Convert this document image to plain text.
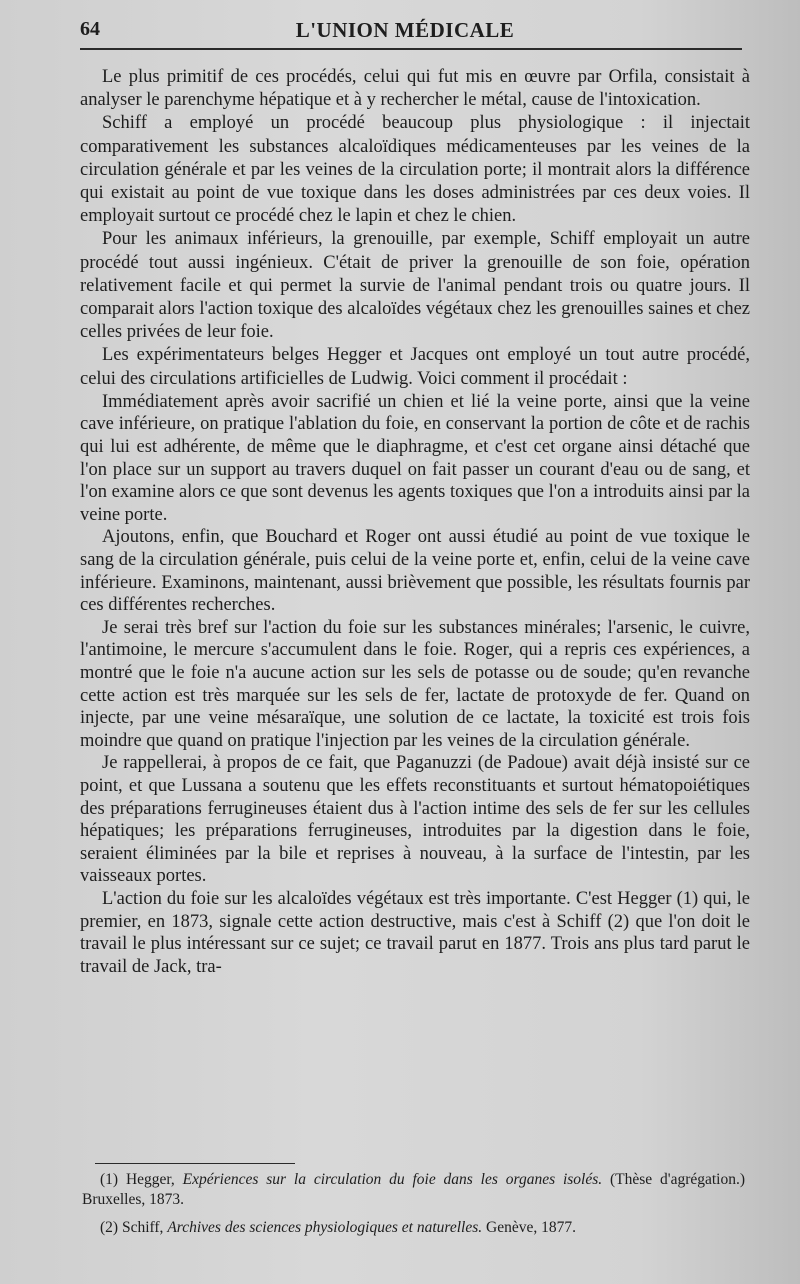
64	L'UNION MÉDICALE

Le plus primitif de ces procédés, celui qui fut mis en œuvre par Orfila, consistait à analyser le parenchyme hépatique et à y rechercher le métal, cause de l'intoxication.

Schiff a employé un procédé beaucoup plus physiologique : il injectait comparativement les substances alcaloïdiques médicamenteuses par les veines de la circulation générale et par les veines de la circulation porte; il montrait alors la différence qui existait au point de vue toxique dans les doses administrées par ces deux voies. Il employait surtout ce procédé chez le lapin et chez le chien.

Pour les animaux inférieurs, la grenouille, par exemple, Schiff employait un autre procédé tout aussi ingénieux. C'était de priver la grenouille de son foie, opération relativement facile et qui permet la survie de l'animal pendant trois ou quatre jours. Il comparait alors l'action toxique des alcaloïdes végétaux chez les grenouilles saines et chez celles privées de leur foie.

Les expérimentateurs belges Hegger et Jacques ont employé un tout autre procédé, celui des circulations artificielles de Ludwig. Voici comment il procédait :

Immédiatement après avoir sacrifié un chien et lié la veine porte, ainsi que la veine cave inférieure, on pratique l'ablation du foie, en conservant la portion de côte et de rachis qui lui est adhérente, de même que le diaphragme, et c'est cet organe ainsi détaché que l'on place sur un support au travers duquel on fait passer un courant d'eau ou de sang, et l'on examine alors ce que sont devenus les agents toxiques que l'on a introduits ainsi par la veine porte.

Ajoutons, enfin, que Bouchard et Roger ont aussi étudié au point de vue toxique le sang de la circulation générale, puis celui de la veine porte et, enfin, celui de la veine cave inférieure. Examinons, maintenant, aussi brièvement que possible, les résultats fournis par ces différentes recherches.

Je serai très bref sur l'action du foie sur les substances minérales; l'arsenic, le cuivre, l'antimoine, le mercure s'accumulent dans le foie. Roger, qui a repris ces expériences, a montré que le foie n'a aucune action sur les sels de potasse ou de soude; qu'en revanche cette action est très marquée sur les sels de fer, lactate de protoxyde de fer. Quand on injecte, par une veine mésaraïque, une solution de ce lactate, la toxicité est trois fois moindre que quand on pratique l'injection par les veines de la circulation générale.

Je rappellerai, à propos de ce fait, que Paganuzzi (de Padoue) avait déjà insisté sur ce point, et que Lussana a soutenu que les effets reconstituants et surtout hématopoiétiques des préparations ferrugineuses étaient dus à l'action intime des sels de fer sur les cellules hépatiques; les préparations ferrugineuses, introduites par la digestion dans le foie, seraient éliminées par la bile et reprises à nouveau, à la surface de l'intestin, par les vaisseaux portes.

L'action du foie sur les alcaloïdes végétaux est très importante. C'est Hegger (1) qui, le premier, en 1873, signale cette action destructive, mais c'est à Schiff (2) que l'on doit le travail le plus intéressant sur ce sujet; ce travail parut en 1877. Trois ans plus tard parut le travail de Jack, tra-

(1) Hegger, Expériences sur la circulation du foie dans les organes isolés. (Thèse d'agrégation.) Bruxelles, 1873.

(2) Schiff, Archives des sciences physiologiques et naturelles. Genève, 1877.
